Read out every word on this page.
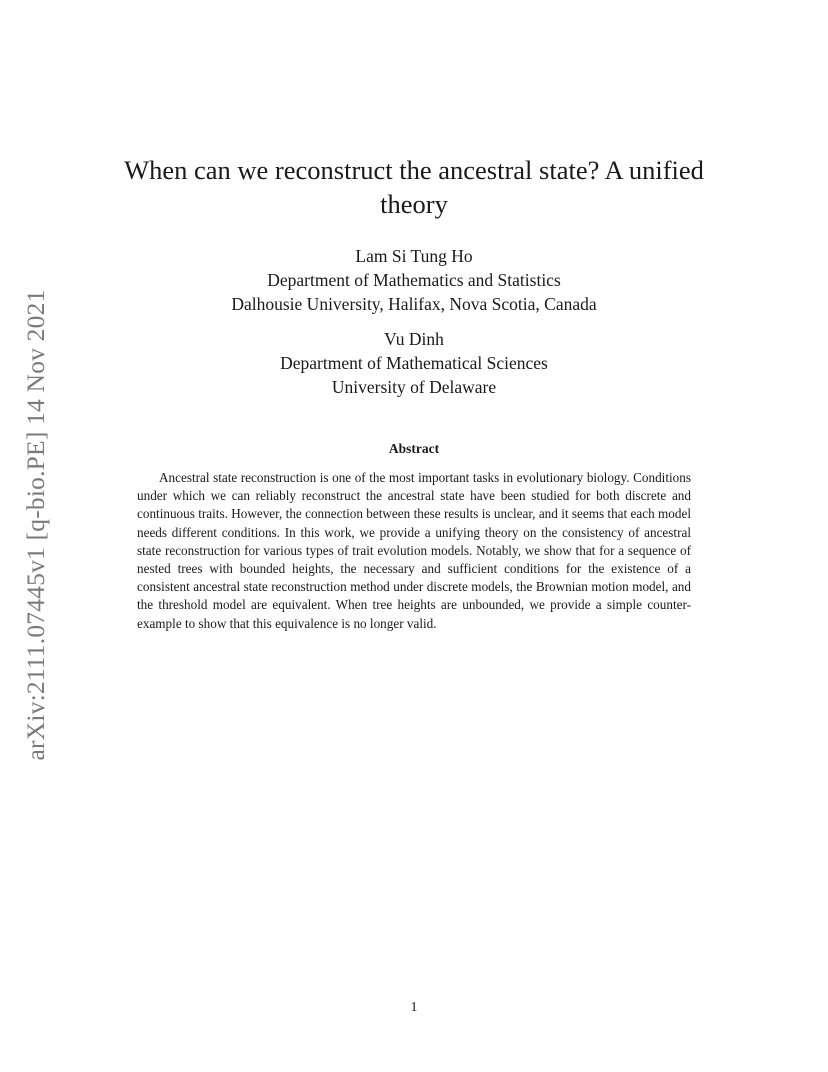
arXiv:2111.07445v1 [q-bio.PE] 14 Nov 2021
When can we reconstruct the ancestral state? A unified theory
Lam Si Tung Ho
Department of Mathematics and Statistics
Dalhousie University, Halifax, Nova Scotia, Canada
Vu Dinh
Department of Mathematical Sciences
University of Delaware
Abstract

Ancestral state reconstruction is one of the most important tasks in evolutionary biology. Conditions under which we can reliably reconstruct the ancestral state have been studied for both discrete and continuous traits. However, the connection between these results is unclear, and it seems that each model needs different conditions. In this work, we provide a unifying theory on the consistency of ancestral state reconstruction for various types of trait evolution models. Notably, we show that for a sequence of nested trees with bounded heights, the necessary and sufficient conditions for the existence of a consistent ancestral state reconstruction method under discrete models, the Brownian motion model, and the threshold model are equivalent. When tree heights are unbounded, we provide a simple counter-example to show that this equivalence is no longer valid.

1
